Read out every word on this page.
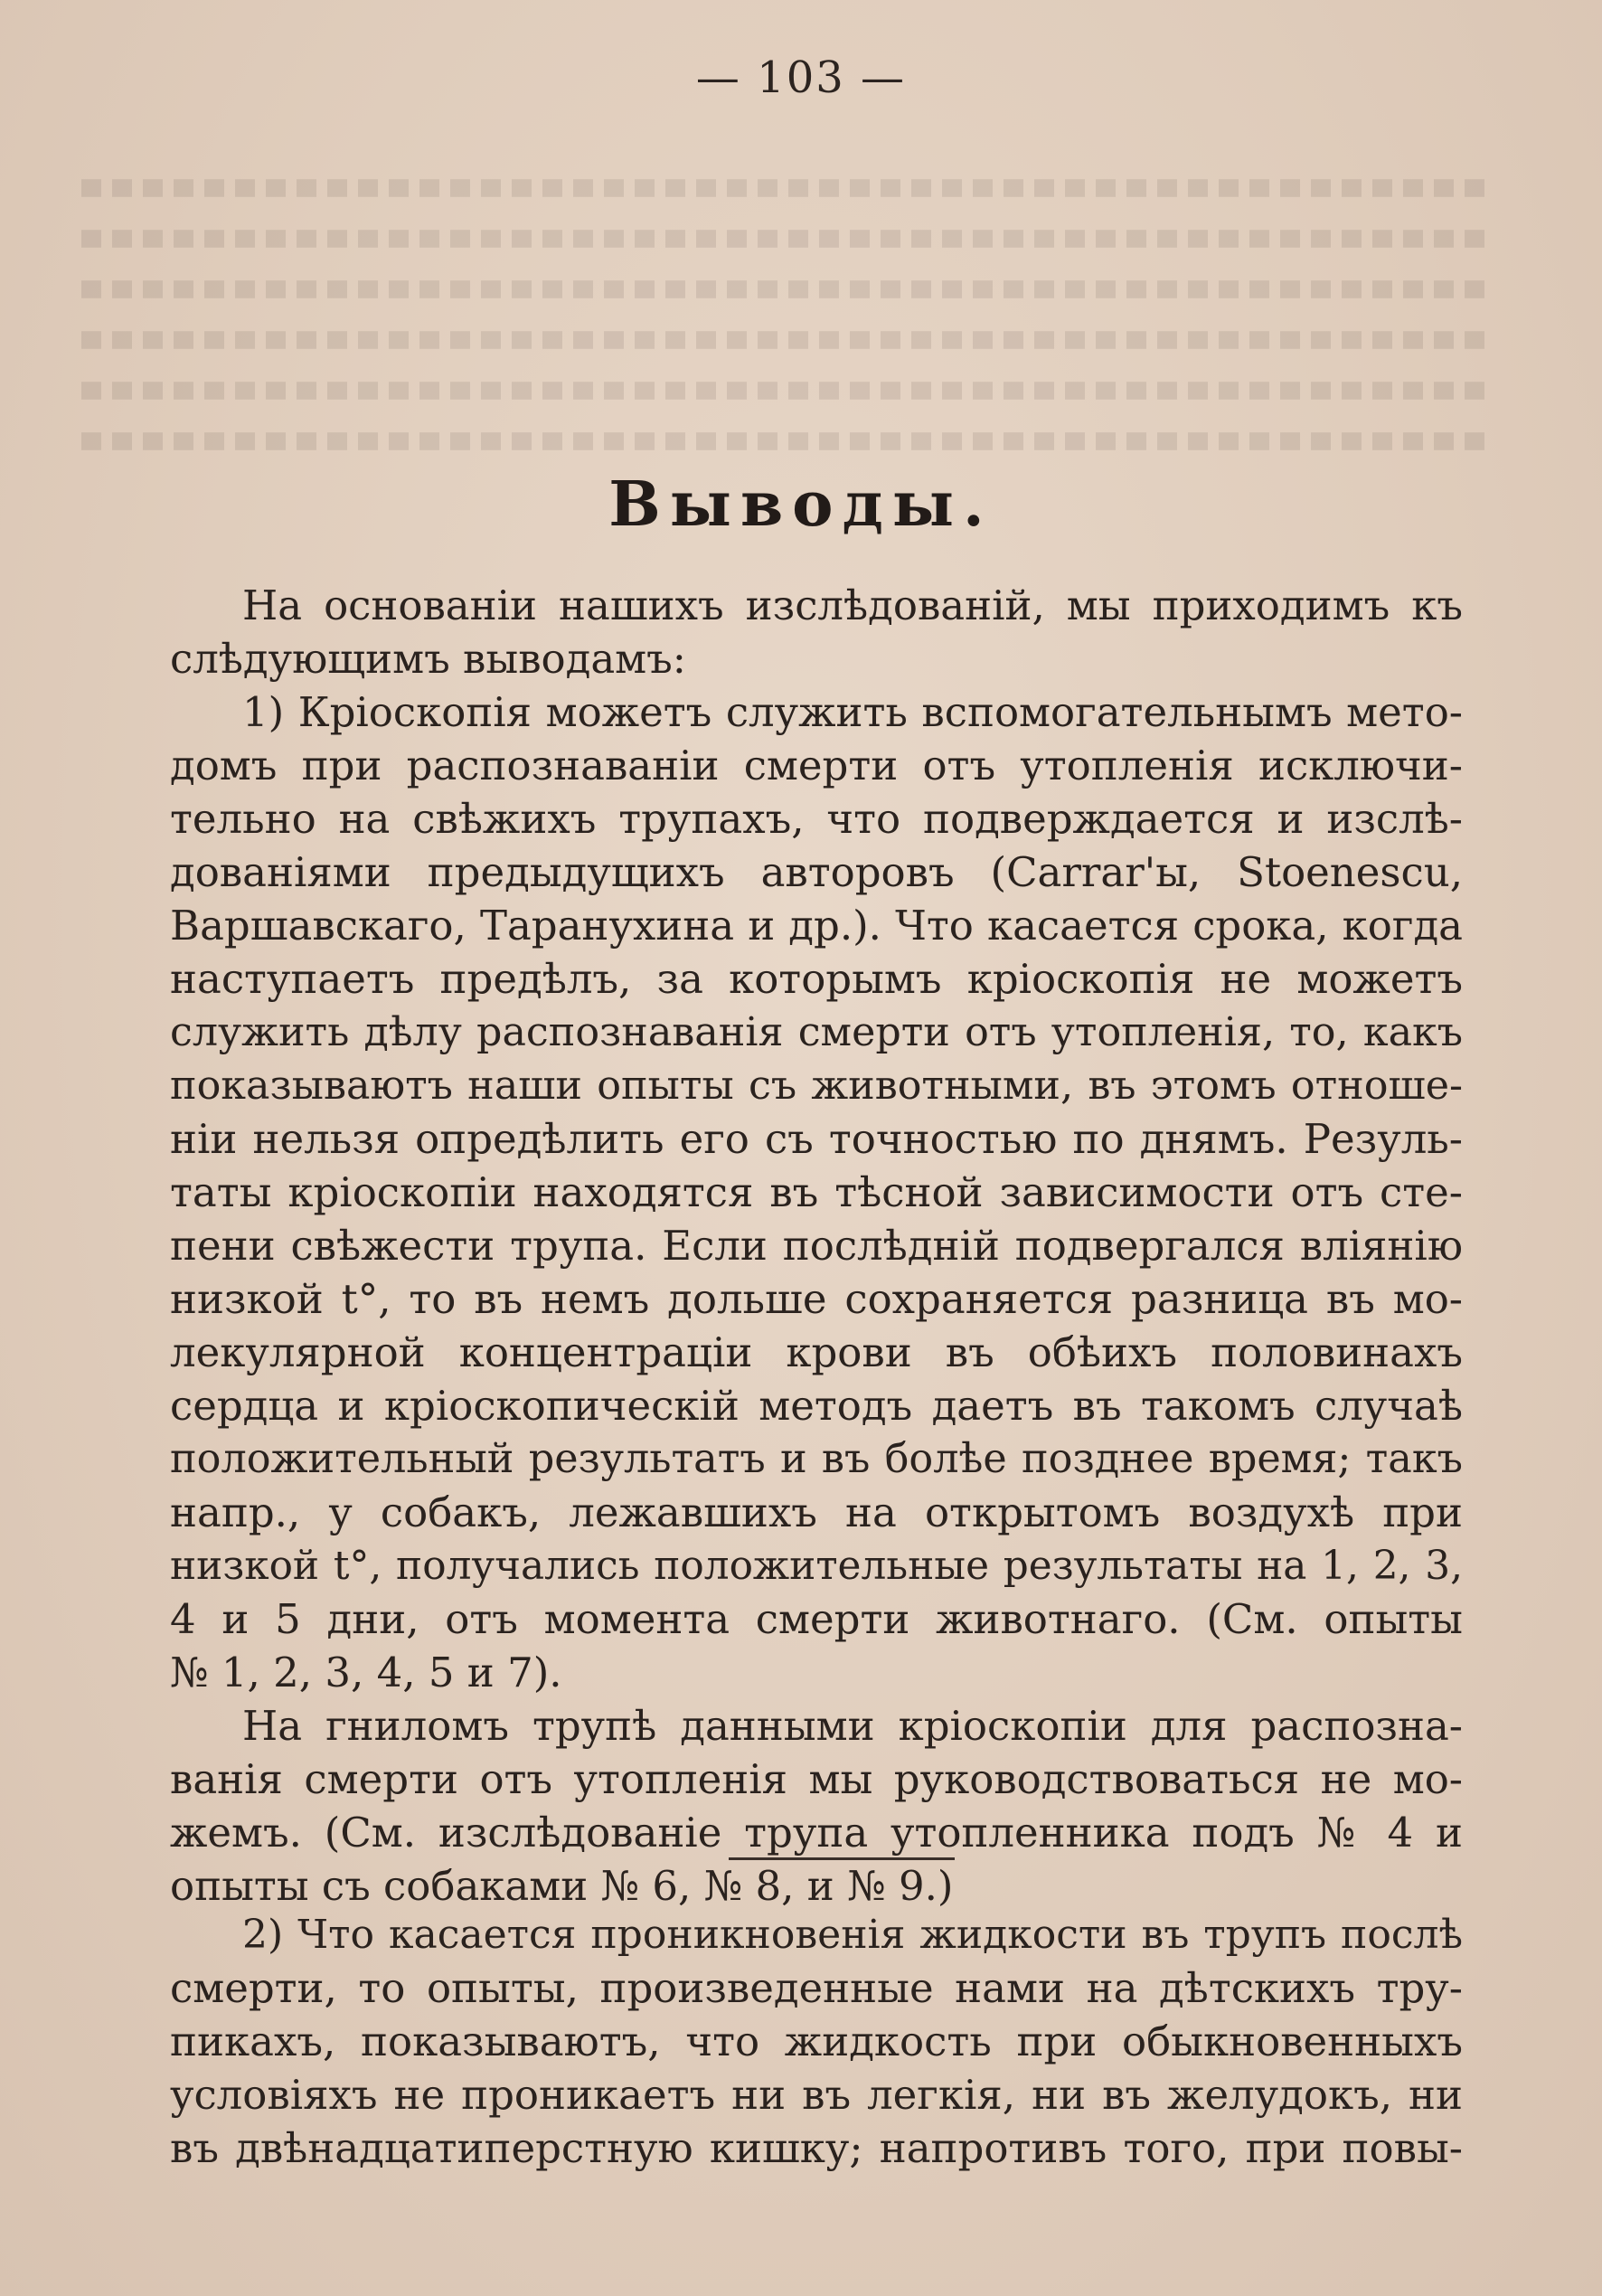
— 103 —
Выводы.
На основаніи нашихъ изслѣдованій, мы приходимъ къ
слѣдующимъ выводамъ:
1) Кріоскопія можетъ служить вспомогательнымъ мето-
домъ при распознаваніи смерти отъ утопленія исключи-
тельно на свѣжихъ трупахъ, что подверждается и изслѣ-
дованіями предыдущихъ авторовъ (Carrar'ы, Stoenescu,
Варшавскаго, Таранухина и др.). Что касается срока, когда
наступаетъ предѣлъ, за которымъ кріоскопія не можетъ
служить дѣлу распознаванія смерти отъ утопленія, то, какъ
показываютъ наши опыты съ животными, въ этомъ отноше-
ніи нельзя опредѣлить его съ точностью по днямъ. Резуль-
таты кріоскопіи находятся въ тѣсной зависимости отъ сте-
пени свѣжести трупа. Если послѣдній подвергался вліянію
низкой t°, то въ немъ дольше сохраняется разница въ мо-
лекулярной концентраціи крови въ обѣихъ половинахъ
сердца и кріоскопическій методъ даетъ въ такомъ случаѣ
положительный результатъ и въ болѣе позднее время; такъ
напр., у собакъ, лежавшихъ на открытомъ воздухѣ при
низкой t°, получались положительные результаты на 1, 2, 3,
4 и 5 дни, отъ момента смерти животнаго. (См. опыты
№ 1, 2, 3, 4, 5 и 7).
На гниломъ трупѣ данными кріоскопіи для распозна-
ванія смерти отъ утопленія мы руководствоваться не мо-
жемъ. (См. изслѣдованіе трупа утопленника подъ № 4 и
опыты съ собаками № 6, № 8, и № 9.)
2) Что касается проникновенія жидкости въ трупъ послѣ
смерти, то опыты, произведенные нами на дѣтскихъ тру-
пикахъ, показываютъ, что жидкость при обыкновенныхъ
условіяхъ не проникаетъ ни въ легкія, ни въ желудокъ, ни
въ двѣнадцатиперстную кишку; напротивъ того, при повы-
